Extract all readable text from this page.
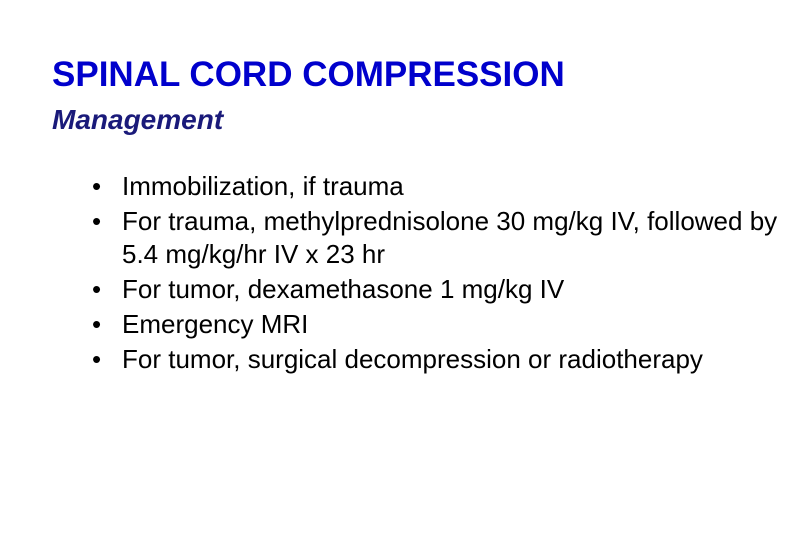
SPINAL CORD COMPRESSION
Management
• Immobilization, if trauma
• For trauma, methylprednisolone 30 mg/kg IV, followed by 5.4 mg/kg/hr IV x 23 hr
• For tumor, dexamethasone 1 mg/kg IV
• Emergency MRI
• For tumor, surgical decompression or radiotherapy
